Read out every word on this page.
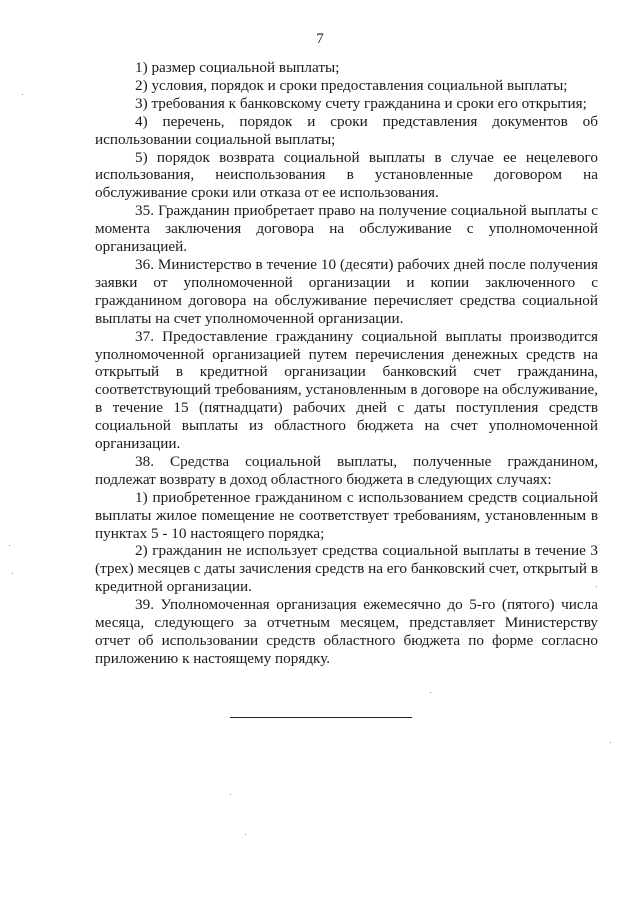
7

1) размер социальной выплаты;

2) условия, порядок и сроки предоставления социальной выплаты;

3) требования к банковскому счету гражданина и сроки его открытия;

4) перечень, порядок и сроки представления документов об использовании социальной выплаты;

5) порядок возврата социальной выплаты в случае ее нецелевого использования, неиспользования в установленные договором на обслуживание сроки или отказа от ее использования.

35. Гражданин приобретает право на получение социальной выплаты с момента заключения договора на обслуживание с уполномоченной организацией.

36. Министерство в течение 10 (десяти) рабочих дней после получения заявки от уполномоченной организации и копии заключенного с гражданином договора на обслуживание перечисляет средства социальной выплаты на счет уполномоченной организации.

37. Предоставление гражданину социальной выплаты производится уполномоченной организацией путем перечисления денежных средств на открытый в кредитной организации банковский счет гражданина, соответствующий требованиям, установленным в договоре на обслуживание, в течение 15 (пятнадцати) рабочих дней с даты поступления средств социальной выплаты из областного бюджета на счет уполномоченной организации.

38. Средства социальной выплаты, полученные гражданином, подлежат возврату в доход областного бюджета в следующих случаях:

1) приобретенное гражданином с использованием средств социальной выплаты жилое помещение не соответствует требованиям, установленным в пунктах 5 - 10 настоящего порядка;

2) гражданин не использует средства социальной выплаты в течение 3 (трех) месяцев с даты зачисления средств на его банковский счет, открытый в кредитной организации.

39. Уполномоченная организация ежемесячно до 5-го (пятого) числа месяца, следующего за отчетным месяцем, представляет Министерству отчет об использовании средств областного бюджета по форме согласно приложению к настоящему порядку.
